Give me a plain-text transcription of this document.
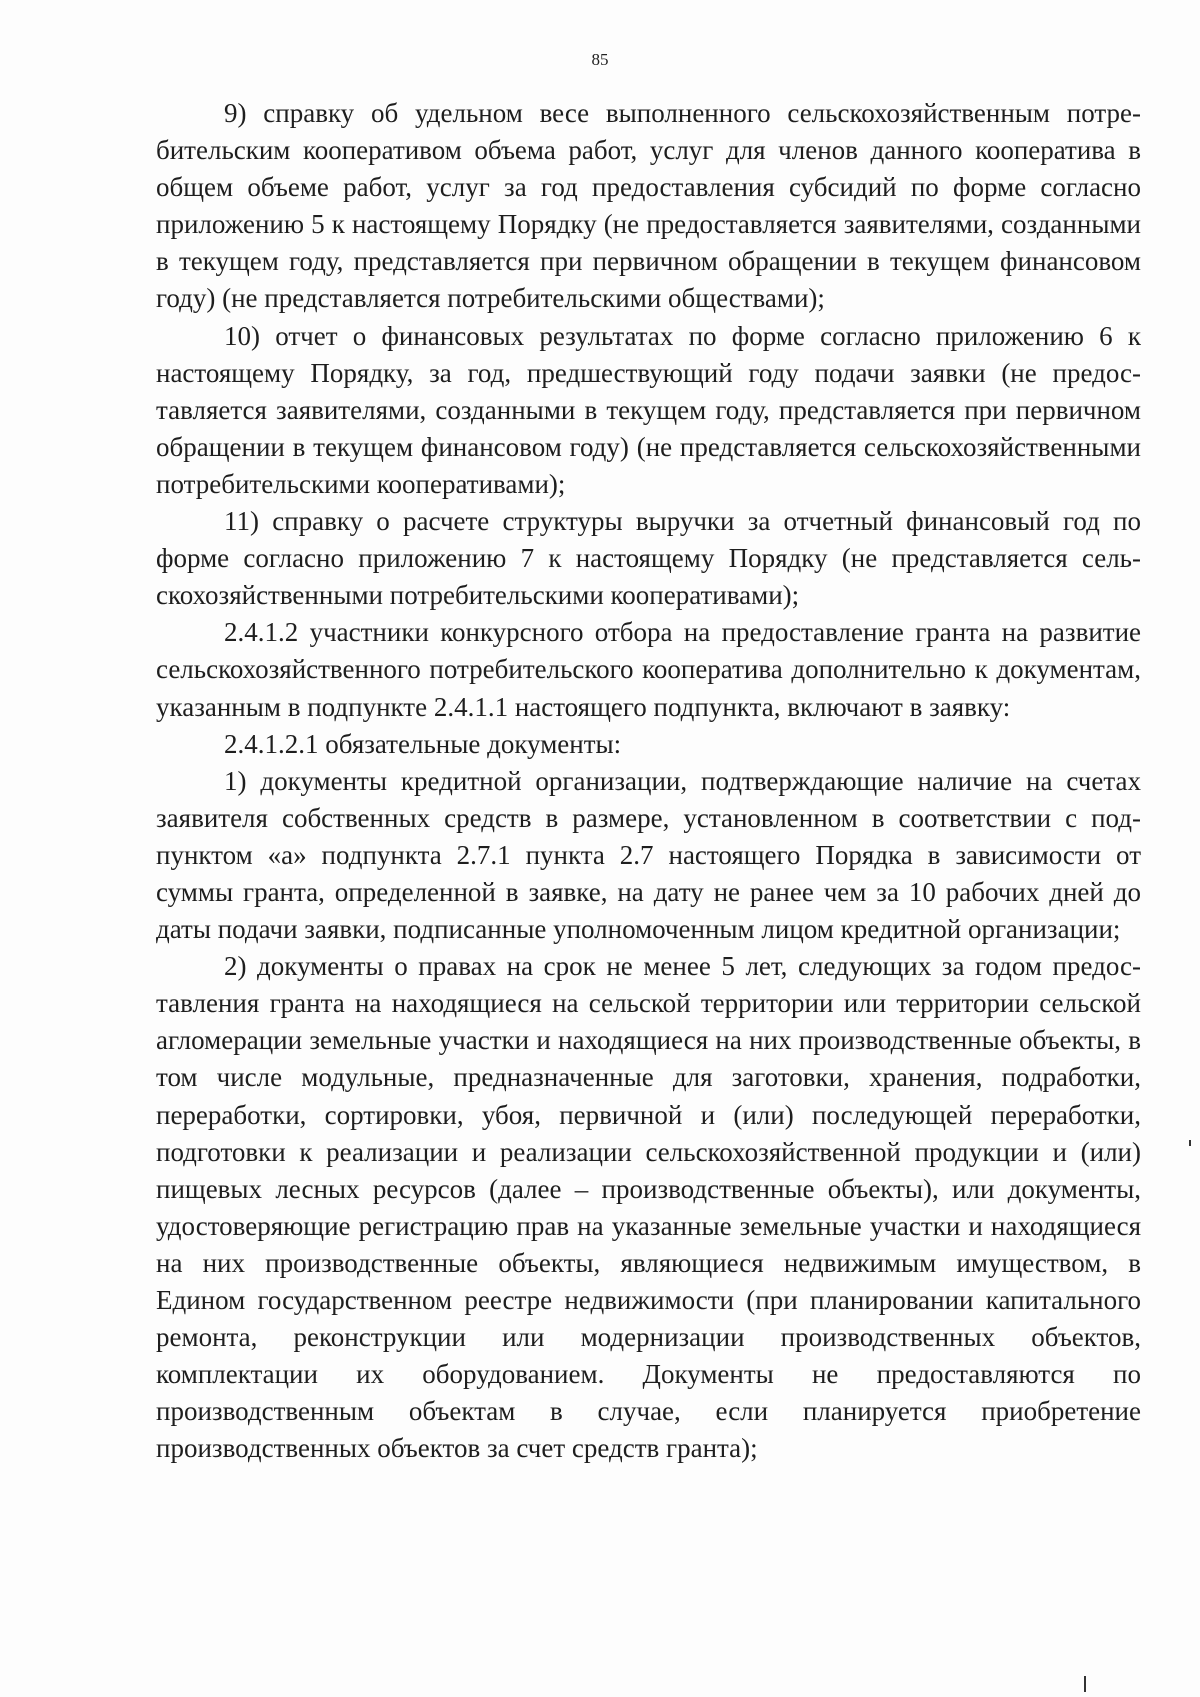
85

9) справку об удельном весе выполненного сельскохозяйственным потребительским кооперативом объема работ, услуг для членов данного кооператива в общем объеме работ, услуг за год предоставления субсидий по форме согласно приложению 5 к настоящему Порядку (не предоставляется заявителями, созданными в текущем году, представляется при первичном обращении в текущем финансовом году) (не представляется потребительскими обществами);

10) отчет о финансовых результатах по форме согласно приложению 6 к настоящему Порядку, за год, предшествующий году подачи заявки (не предоставляется заявителями, созданными в текущем году, представляется при первичном обращении в текущем финансовом году) (не представляется сельскохозяйственными потребительскими кооперативами);

11) справку о расчете структуры выручки за отчетный финансовый год по форме согласно приложению 7 к настоящему Порядку (не представляется сельскохозяйственными потребительскими кооперативами);

2.4.1.2 участники конкурсного отбора на предоставление гранта на развитие сельскохозяйственного потребительского кооператива дополнительно к документам, указанным в подпункте 2.4.1.1 настоящего подпункта, включают в заявку:

2.4.1.2.1 обязательные документы:

1) документы кредитной организации, подтверждающие наличие на счетах заявителя собственных средств в размере, установленном в соответствии с подпунктом «а» подпункта 2.7.1 пункта 2.7 настоящего Порядка в зависимости от суммы гранта, определенной в заявке, на дату не ранее чем за 10 рабочих дней до даты подачи заявки, подписанные уполномоченным лицом кредитной организации;

2) документы о правах на срок не менее 5 лет, следующих за годом предоставления гранта на находящиеся на сельской территории или территории сельской агломерации земельные участки и находящиеся на них производственные объекты, в том числе модульные, предназначенные для заготовки, хранения, подработки, переработки, сортировки, убоя, первичной и (или) последующей переработки, подготовки к реализации и реализации сельскохозяйственной продукции и (или) пищевых лесных ресурсов (далее – производственные объекты), или документы, удостоверяющие регистрацию прав на указанные земельные участки и находящиеся на них производственные объекты, являющиеся недвижимым имуществом, в Едином государственном реестре недвижимости (при планировании капитального ремонта, реконструкции или модернизации производственных объектов, комплектации их оборудованием. Документы не предоставляются по производственным объектам в случае, если планируется приобретение производственных объектов за счет средств гранта);
